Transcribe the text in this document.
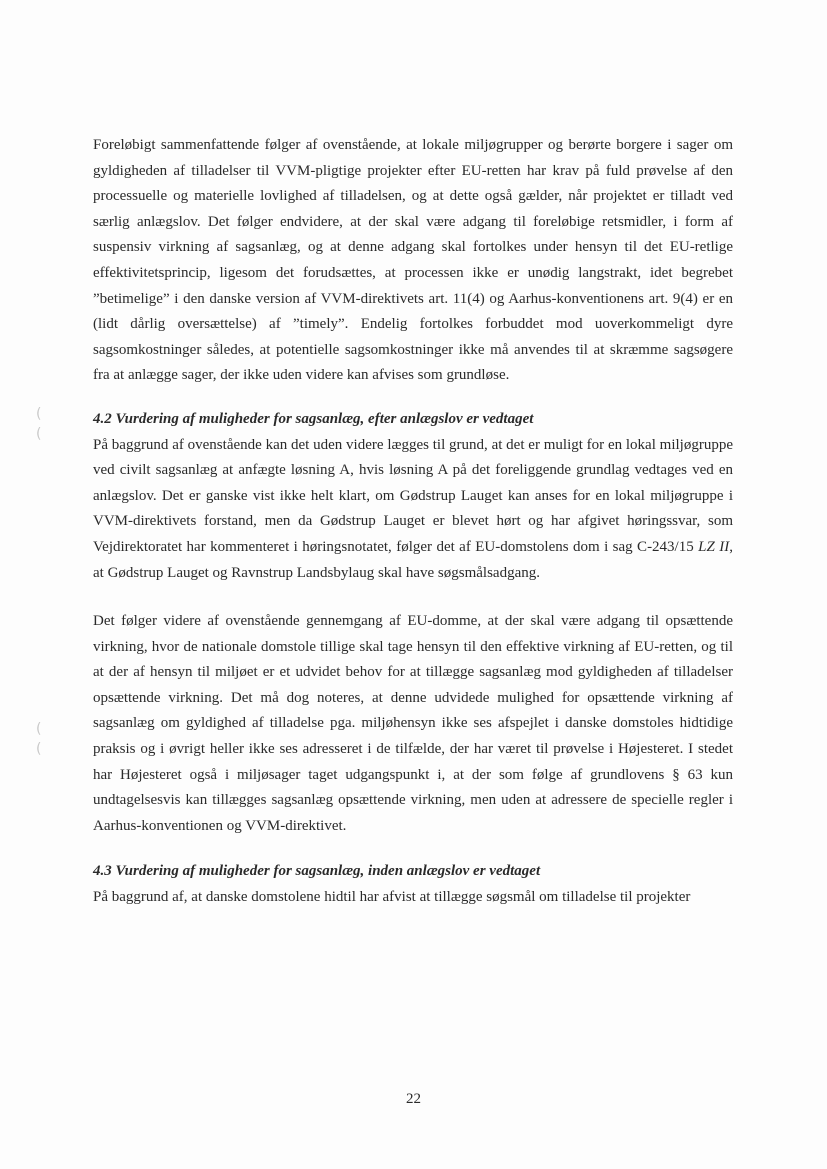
(
(
(
(

Foreløbigt sammenfattende følger af ovenstående, at lokale miljøgrupper og berørte borgere i sager om gyldigheden af tilladelser til VVM-pligtige projekter efter EU-retten har krav på fuld prøvelse af den processuelle og materielle lovlighed af tilladelsen, og at dette også gælder, når projektet er tilladt ved særlig anlægslov. Det følger endvidere, at der skal være adgang til foreløbige retsmidler, i form af suspensiv virkning af sagsanlæg, og at denne adgang skal fortolkes under hensyn til det EU-retlige effektivitetsprincip, ligesom det forudsættes, at processen ikke er unødig langstrakt, idet begrebet ”betimelige” i den danske version af VVM-direktivets art. 11(4) og Aarhus-konventionens art. 9(4) er en (lidt dårlig oversættelse) af ”timely”. Endelig fortolkes forbuddet mod uoverkommeligt dyre sagsomkostninger således, at potentielle sagsomkostninger ikke må anvendes til at skræmme sagsøgere fra at anlægge sager, der ikke uden videre kan afvises som grundløse.

4.2 Vurdering af muligheder for sagsanlæg, efter anlægslov er vedtaget

På baggrund af ovenstående kan det uden videre lægges til grund, at det er muligt for en lokal miljøgruppe ved civilt sagsanlæg at anfægte løsning A, hvis løsning A på det foreliggende grundlag vedtages ved en anlægslov. Det er ganske vist ikke helt klart, om Gødstrup Lauget kan anses for en lokal miljøgruppe i VVM-direktivets forstand, men da Gødstrup Lauget er blevet hørt og har afgivet høringssvar, som Vejdirektoratet har kommenteret i høringsnotatet, følger det af EU-domstolens dom i sag C-243/15 LZ II, at Gødstrup Lauget og Ravnstrup Landsbylaug skal have søgsmålsadgang.

Det følger videre af ovenstående gennemgang af EU-domme, at der skal være adgang til opsættende virkning, hvor de nationale domstole tillige skal tage hensyn til den effektive virkning af EU-retten, og til at der af hensyn til miljøet er et udvidet behov for at tillægge sagsanlæg mod gyldigheden af tilladelser opsættende virkning. Det må dog noteres, at denne udvidede mulighed for opsættende virkning af sagsanlæg om gyldighed af tilladelse pga. miljøhensyn ikke ses afspejlet i danske domstoles hidtidige praksis og i øvrigt heller ikke ses adresseret i de tilfælde, der har været til prøvelse i Højesteret. I stedet har Højesteret også i miljøsager taget udgangspunkt i, at der som følge af grundlovens § 63 kun undtagelsesvis kan tillægges sagsanlæg opsættende virkning, men uden at adressere de specielle regler i Aarhus-konventionen og VVM-direktivet.

4.3 Vurdering af muligheder for sagsanlæg, inden anlægslov er vedtaget

På baggrund af, at danske domstolene hidtil har afvist at tillægge søgsmål om tilladelse til projekter

22
